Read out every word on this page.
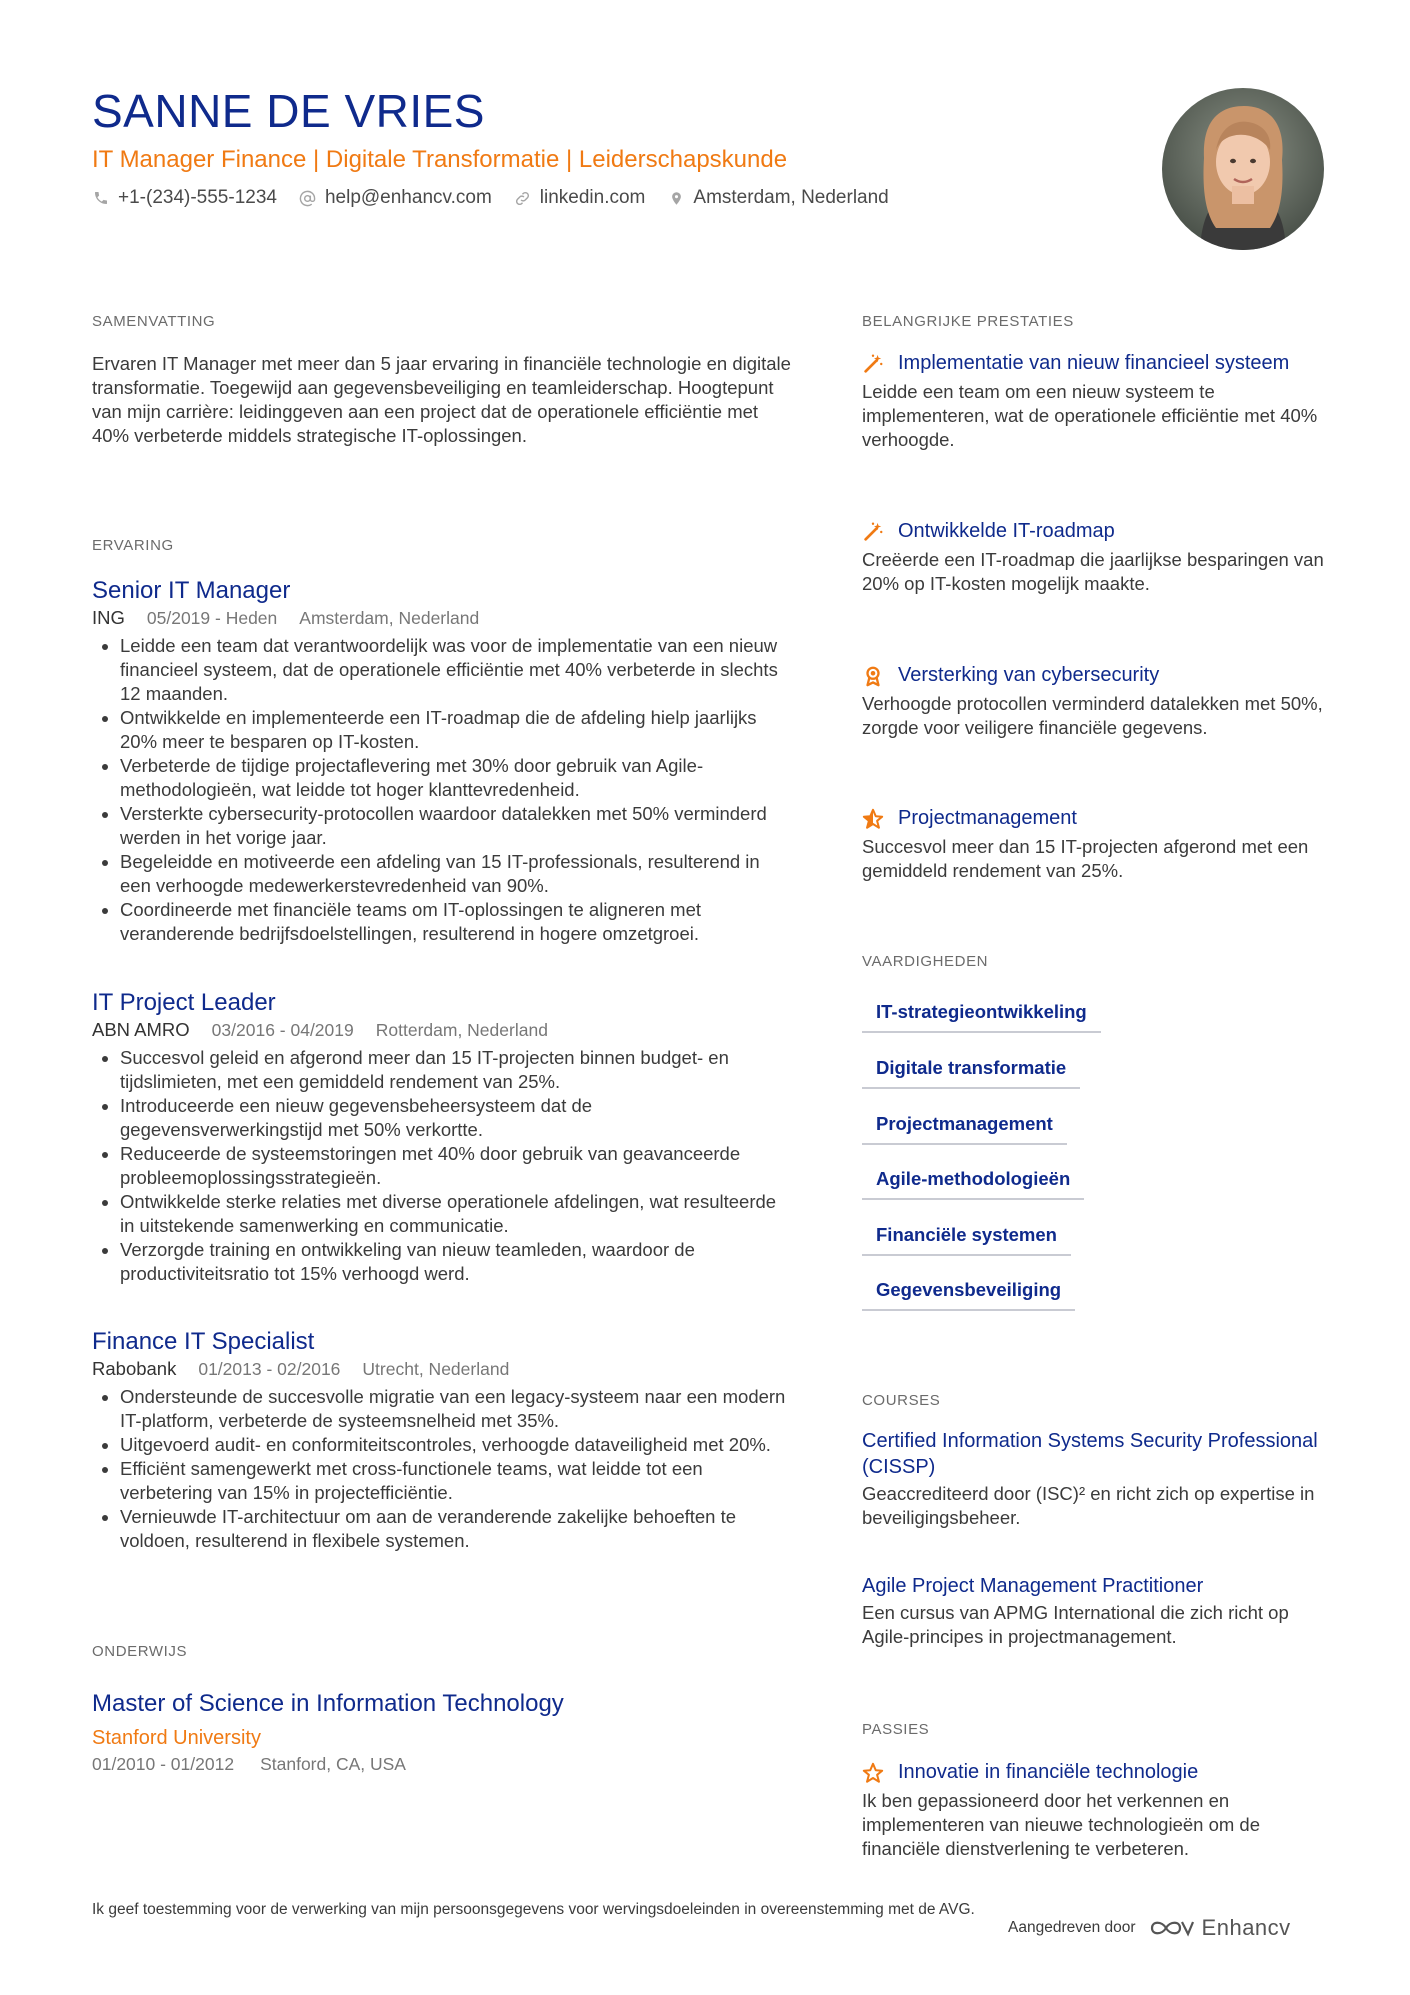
SANNE DE VRIES
IT Manager Finance | Digitale Transformatie | Leiderschapskunde
+1-(234)-555-1234	help@enhancv.com	linkedin.com	Amsterdam, Nederland
SAMENVATTING
Ervaren IT Manager met meer dan 5 jaar ervaring in financiële technologie en digitale transformatie. Toegewijd aan gegevensbeveiliging en teamleiderschap. Hoogtepunt van mijn carrière: leidinggeven aan een project dat de operationele efficiëntie met 40% verbeterde middels strategische IT-oplossingen.
ERVARING
Senior IT Manager
ING 05/2019 - Heden Amsterdam, Nederland
• Leidde een team dat verantwoordelijk was voor de implementatie van een nieuw financieel systeem, dat de operationele efficiëntie met 40% verbeterde in slechts 12 maanden.
• Ontwikkelde en implementeerde een IT-roadmap die de afdeling hielp jaarlijks 20% meer te besparen op IT-kosten.
• Verbeterde de tijdige projectaflevering met 30% door gebruik van Agile-methodologieën, wat leidde tot hoger klanttevredenheid.
• Versterkte cybersecurity-protocollen waardoor datalekken met 50% verminderd werden in het vorige jaar.
• Begeleidde en motiveerde een afdeling van 15 IT-professionals, resulterend in een verhoogde medewerkerstevredenheid van 90%.
• Coordineerde met financiële teams om IT-oplossingen te aligneren met veranderende bedrijfsdoelstellingen, resulterend in hogere omzetgroei.
IT Project Leader
ABN AMRO 03/2016 - 04/2019 Rotterdam, Nederland
• Succesvol geleid en afgerond meer dan 15 IT-projecten binnen budget- en tijdslimieten, met een gemiddeld rendement van 25%.
• Introduceerde een nieuw gegevensbeheersysteem dat de gegevensverwerkingstijd met 50% verkortte.
• Reduceerde de systeemstoringen met 40% door gebruik van geavanceerde probleemoplossingsstrategieën.
• Ontwikkelde sterke relaties met diverse operationele afdelingen, wat resulteerde in uitstekende samenwerking en communicatie.
• Verzorgde training en ontwikkeling van nieuw teamleden, waardoor de productiviteitsratio tot 15% verhoogd werd.
Finance IT Specialist
Rabobank 01/2013 - 02/2016 Utrecht, Nederland
• Ondersteunde de succesvolle migratie van een legacy-systeem naar een modern IT-platform, verbeterde de systeemsnelheid met 35%.
• Uitgevoerd audit- en conformiteitscontroles, verhoogde dataveiligheid met 20%.
• Efficiënt samengewerkt met cross-functionele teams, wat leidde tot een verbetering van 15% in projectefficiëntie.
• Vernieuwde IT-architectuur om aan de veranderende zakelijke behoeften te voldoen, resulterend in flexibele systemen.
ONDERWIJS
Master of Science in Information Technology
Stanford University
01/2010 - 01/2012 Stanford, CA, USA
BELANGRIJKE PRESTATIES
Implementatie van nieuw financieel systeem
Leidde een team om een nieuw systeem te implementeren, wat de operationele efficiëntie met 40% verhoogde.
Ontwikkelde IT-roadmap
Creëerde een IT-roadmap die jaarlijkse besparingen van 20% op IT-kosten mogelijk maakte.
Versterking van cybersecurity
Verhoogde protocollen verminderd datalekken met 50%, zorgde voor veiligere financiële gegevens.
Projectmanagement
Succesvol meer dan 15 IT-projecten afgerond met een gemiddeld rendement van 25%.
VAARDIGHEDEN
IT-strategieontwikkeling
Digitale transformatie
Projectmanagement
Agile-methodologieën
Financiële systemen
Gegevensbeveiliging
COURSES
Certified Information Systems Security Professional (CISSP)
Geaccrediteerd door (ISC)² en richt zich op expertise in beveiligingsbeheer.
Agile Project Management Practitioner
Een cursus van APMG International die zich richt op Agile-principes in projectmanagement.
PASSIES
Innovatie in financiële technologie
Ik ben gepassioneerd door het verkennen en implementeren van nieuwe technologieën om de financiële dienstverlening te verbeteren.
Ik geef toestemming voor de verwerking van mijn persoonsgegevens voor wervingsdoeleinden in overeenstemming met de AVG.
Aangedreven door	Enhancv
